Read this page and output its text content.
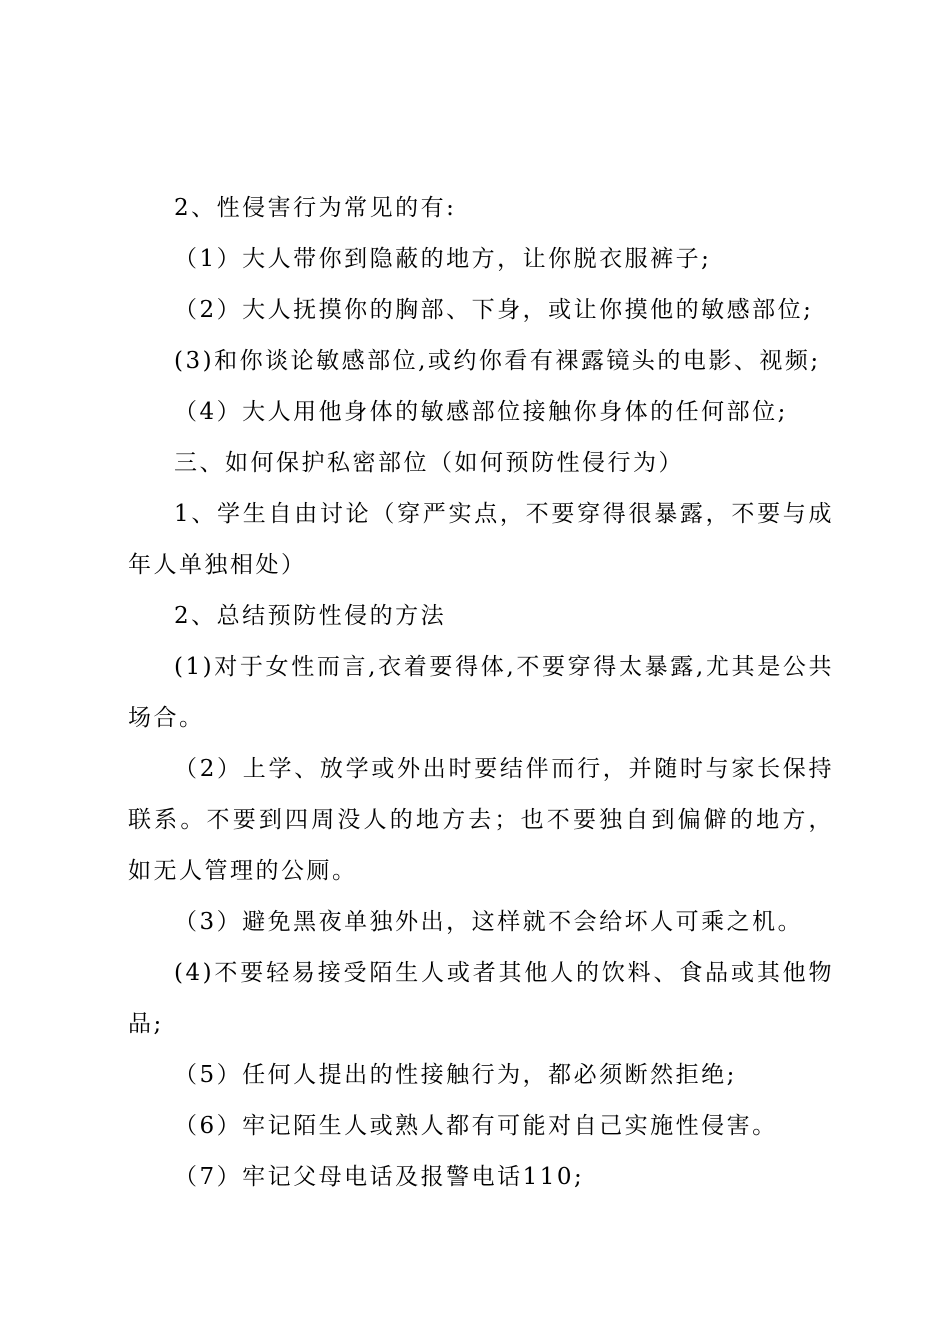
2、性侵害行为常见的有:

（1）大人带你到隐蔽的地方，让你脱衣服裤子;

（2）大人抚摸你的胸部、下身，或让你摸他的敏感部位;

(3)和你谈论敏感部位,或约你看有裸露镜头的电影、视频;

（4）大人用他身体的敏感部位接触你身体的任何部位;

三、如何保护私密部位（如何预防性侵行为）

1、学生自由讨论（穿严实点，不要穿得很暴露，不要与成年人单独相处）

2、总结预防性侵的方法

(1)对于女性而言,衣着要得体,不要穿得太暴露,尤其是公共场合。

（2）上学、放学或外出时要结伴而行，并随时与家长保持联系。不要到四周没人的地方去；也不要独自到偏僻的地方，如无人管理的公厕。

（3）避免黑夜单独外出，这样就不会给坏人可乘之机。

(4)不要轻易接受陌生人或者其他人的饮料、食品或其他物品;

（5）任何人提出的性接触行为，都必须断然拒绝;

（6）牢记陌生人或熟人都有可能对自己实施性侵害。

（7）牢记父母电话及报警电话110;
